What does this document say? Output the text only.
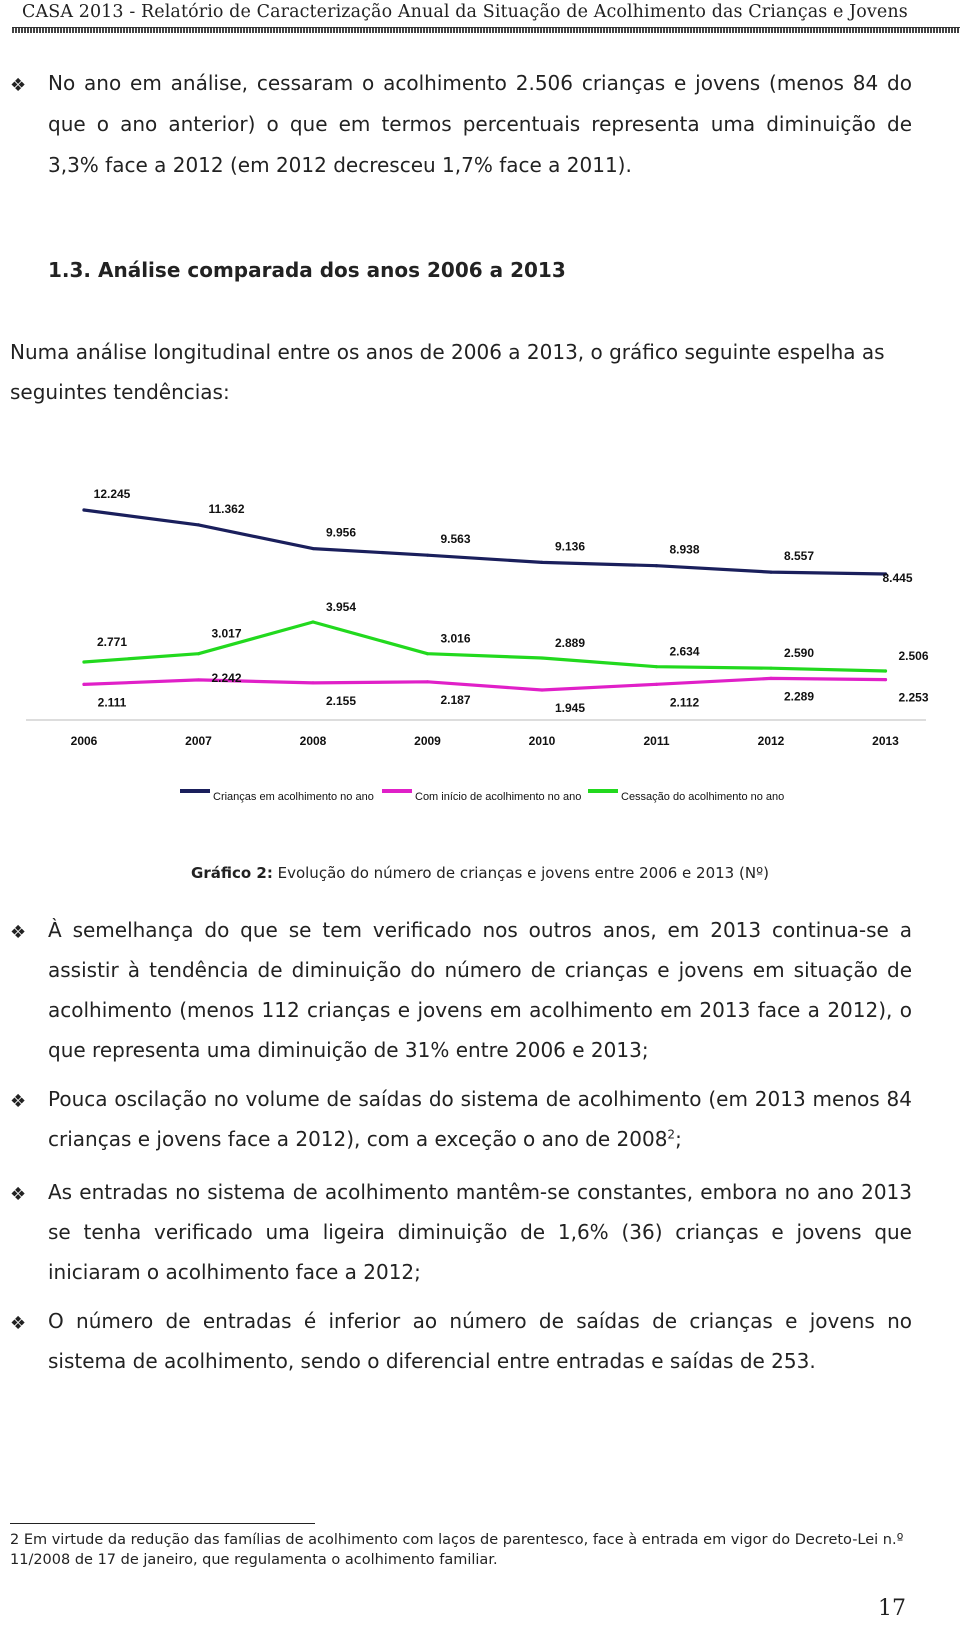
CASA 2013 - Relatório de Caracterização Anual da Situação de Acolhimento das Crianças e Jovens
❖ No ano em análise, cessaram o acolhimento 2.506 crianças e jovens (menos 84 do que o ano anterior) o que em termos percentuais representa uma diminuição de 3,3% face a 2012 (em 2012 decresceu 1,7% face a 2011).
1.3. Análise comparada dos anos 2006 a 2013
Numa análise longitudinal entre os anos de 2006 a 2013, o gráfico seguinte espelha as seguintes tendências:
12.245
11.362
9.956	9.563
9.136	8.938	8.557
8.445
2.111
2.242
2.155	2.187
1.945	2.112	2.289	2.253
2.771
3.017
3.954
3.016	2.889
2.634	2.590	2.506
2006	2007	2008	2009	2010	2011	2012	2013
Crianças em acolhimento no ano	Com início de acolhimento no ano	Cessação do acolhimento no ano
Gráfico 2: Evolução do número de crianças e jovens entre 2006 e 2013 (Nº)
❖ À semelhança do que se tem verificado nos outros anos, em 2013 continua-se a assistir à tendência de diminuição do número de crianças e jovens em situação de acolhimento (menos 112 crianças e jovens em acolhimento em 2013 face a 2012), o que representa uma diminuição de 31% entre 2006 e 2013;
❖ Pouca oscilação no volume de saídas do sistema de acolhimento (em 2013 menos 84 crianças e jovens face a 2012), com a exceção o ano de 2008$^2$;
❖ As entradas no sistema de acolhimento mantêm-se constantes, embora no ano 2013 se tenha verificado uma ligeira diminuição de 1,6% (36) crianças e jovens que iniciaram o acolhimento face a 2012;
❖ O número de entradas é inferior ao número de saídas de crianças e jovens no sistema de acolhimento, sendo o diferencial entre entradas e saídas de 253.
2 Em virtude da redução das famílias de acolhimento com laços de parentesco, face à entrada em vigor do Decreto-Lei n.º 11/2008 de 17 de janeiro, que regulamenta o acolhimento familiar.
17
